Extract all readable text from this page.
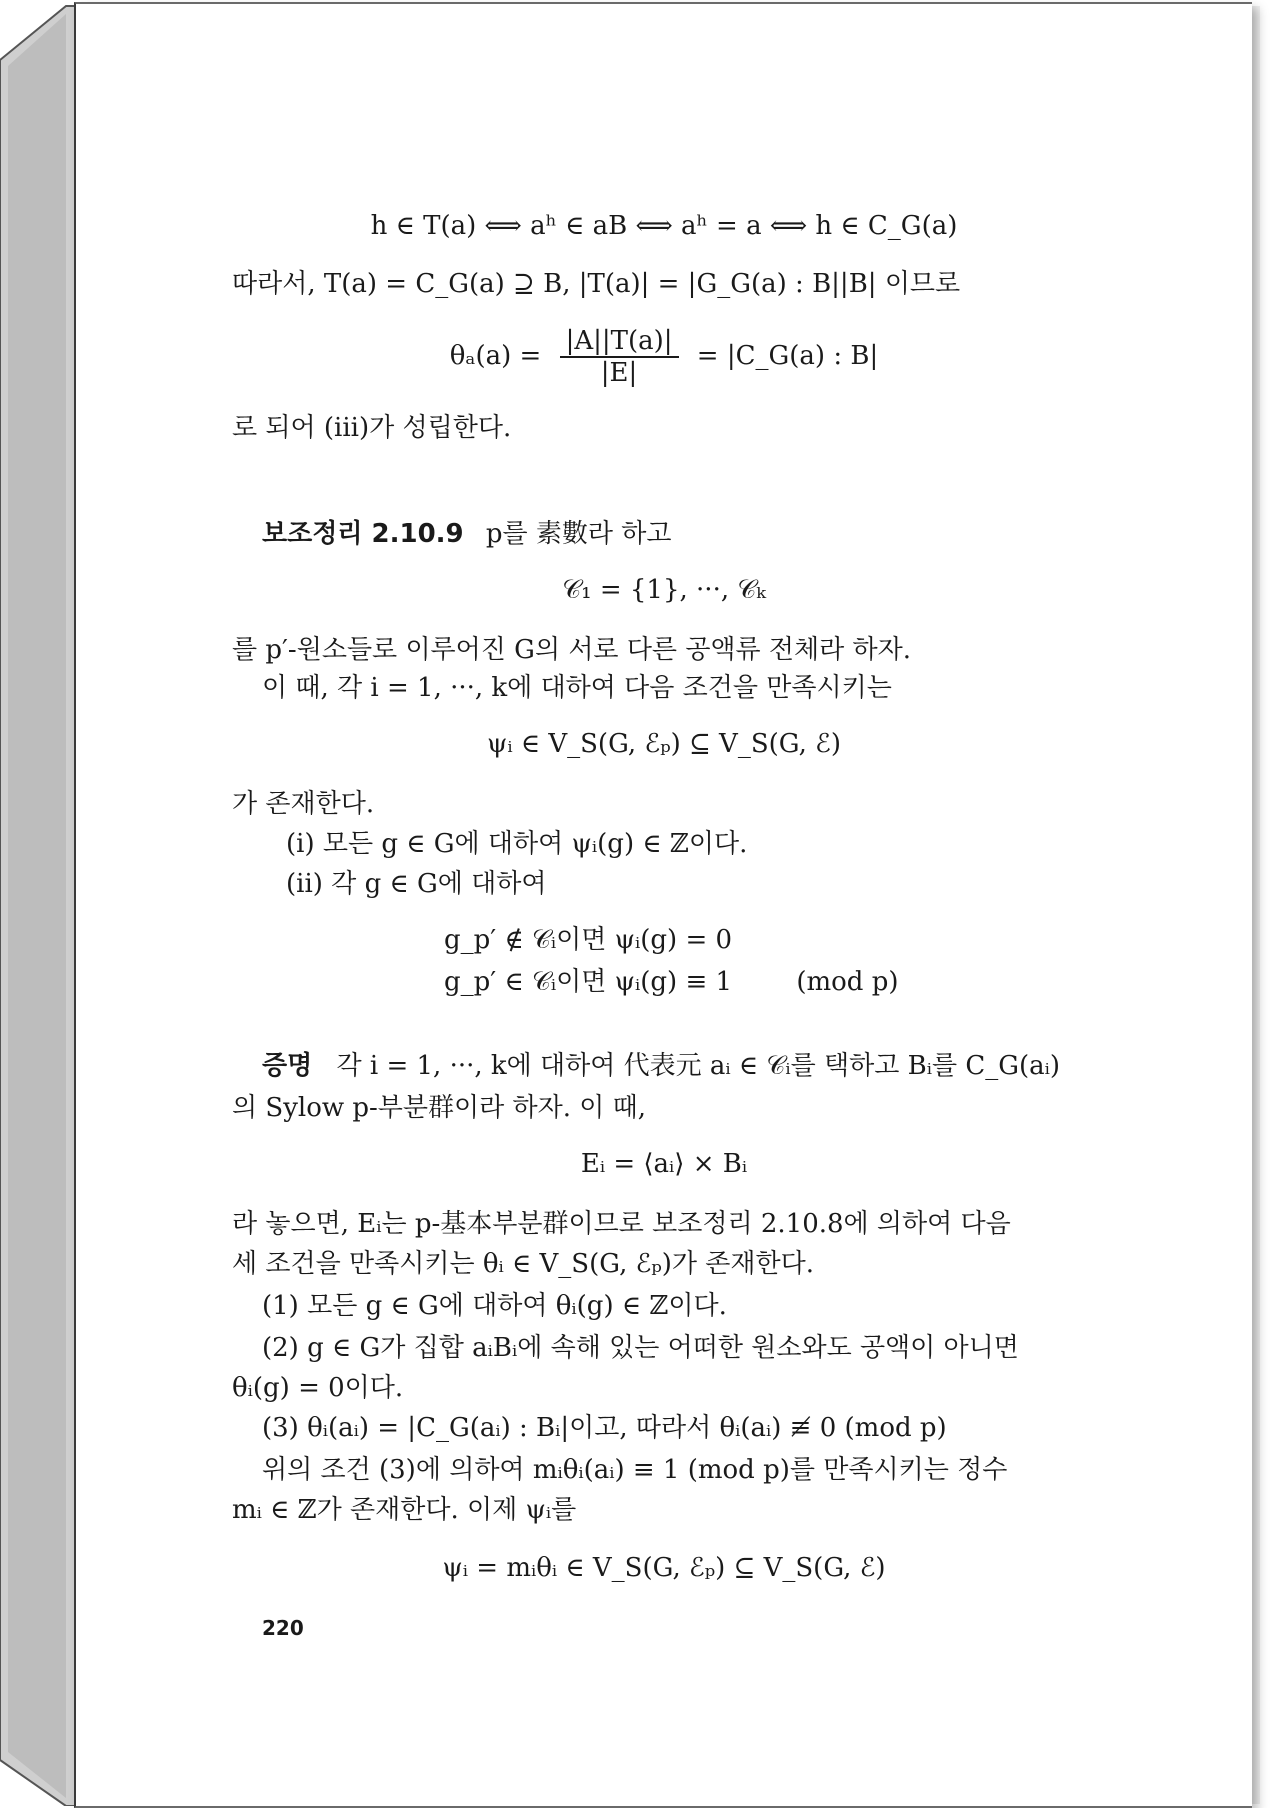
h ∈ T(a) ⟺ aʰ ∈ aB ⟺ aʰ = a ⟺ h ∈ C_G(a)
따라서, T(a) = C_G(a) ⊇ B, |T(a)| = |G_G(a) : B||B| 이므로
$\theta_a(a) = \frac{|A||T(a)|}{|E|}$ = |C_G(a) : B|
로 되어 (iii)가 성립한다.
보조정리 2.10.9 p를 素數라 하고
𝒞₁ = {1}, ···, 𝒞ₖ
를 p′-원소들로 이루어진 G의 서로 다른 공액류 전체라 하자.
이 때, 각 i = 1, ···, k에 대하여 다음 조건을 만족시키는
ψᵢ ∈ V_S(G, ℰₚ) ⊆ V_S(G, ℰ)
가 존재한다.
(i) 모든 g ∈ G에 대하여 ψᵢ(g) ∈ ℤ이다.
(ii) 각 g ∈ G에 대하여
g_p′ ∉ 𝒞ᵢ이면 ψᵢ(g) = 0
g_p′ ∈ 𝒞ᵢ이면 ψᵢ(g) ≡ 1 (mod p)
증명 각 i = 1, ···, k에 대하여 代表元 aᵢ ∈ 𝒞ᵢ를 택하고 Bᵢ를 C_G(aᵢ)
의 Sylow p-부분群이라 하자. 이 때,
Eᵢ = ⟨aᵢ⟩ × Bᵢ
라 놓으면, Eᵢ는 p-基本부분群이므로 보조정리 2.10.8에 의하여 다음
세 조건을 만족시키는 θᵢ ∈ V_S(G, ℰₚ)가 존재한다.
(1) 모든 g ∈ G에 대하여 θᵢ(g) ∈ ℤ이다.
(2) g ∈ G가 집합 aᵢBᵢ에 속해 있는 어떠한 원소와도 공액이 아니면
θᵢ(g) = 0이다.
(3) θᵢ(aᵢ) = |C_G(aᵢ) : Bᵢ|이고, 따라서 θᵢ(aᵢ) ≢ 0 (mod p)
위의 조건 (3)에 의하여 mᵢθᵢ(aᵢ) ≡ 1 (mod p)를 만족시키는 정수
mᵢ ∈ ℤ가 존재한다. 이제 ψᵢ를
ψᵢ = mᵢθᵢ ∈ V_S(G, ℰₚ) ⊆ V_S(G, ℰ)
220
